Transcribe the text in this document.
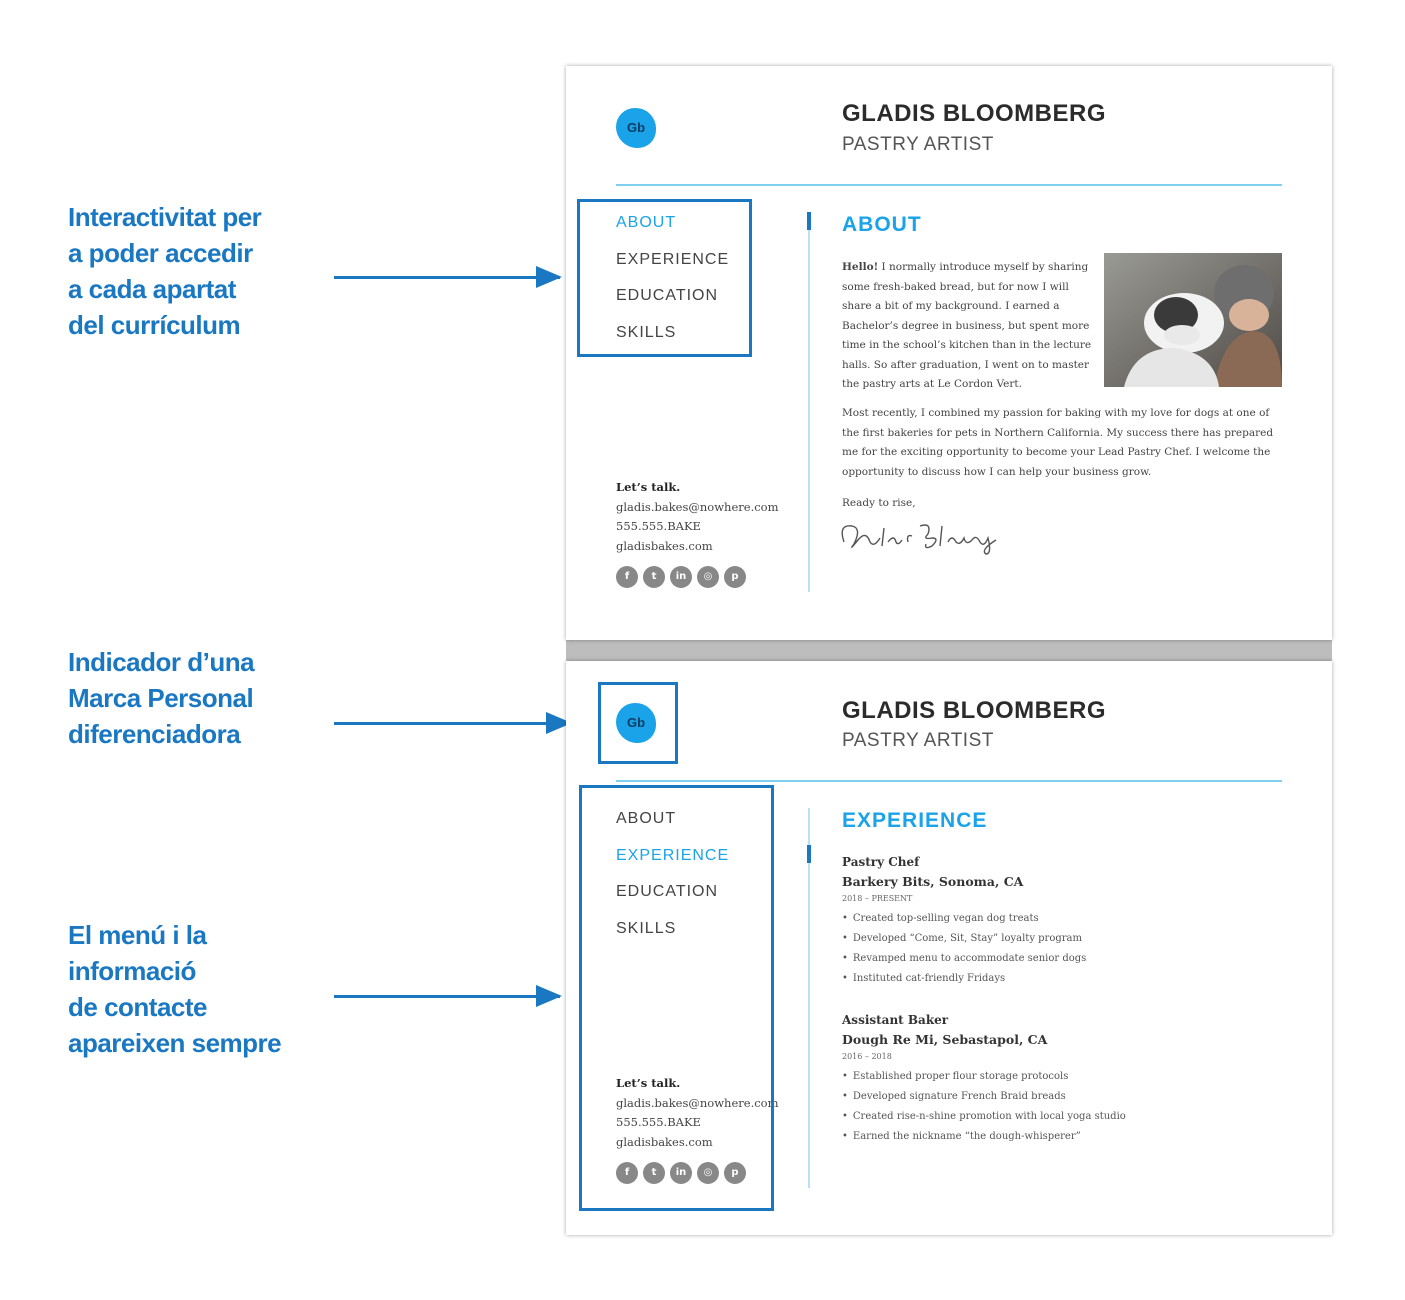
Interactivitat per
a poder accedir
a cada apartat
del currículum
Indicador d’una
Marca Personal
diferenciadora
El menú i la
informació
de contacte
apareixen sempre
Gb
GLADIS BLOOMBERG
PASTRY ARTIST
ABOUT
EXPERIENCE
EDUCATION
SKILLS
Let’s talk.
gladis.bakes@nowhere.com
555.555.BAKE
gladisbakes.com
f	t	in	◎	p
ABOUT
Hello! I normally introduce myself by sharing
some fresh-baked bread, but for now I will
share a bit of my background. I earned a
Bachelor’s degree in business, but spent more
time in the school’s kitchen than in the lecture
halls. So after graduation, I went on to master
the pastry arts at Le Cordon Vert.
Most recently, I combined my passion for baking with my love for dogs at one of
the first bakeries for pets in Northern California. My success there has prepared
me for the exciting opportunity to become your Lead Pastry Chef. I welcome the
opportunity to discuss how I can help your business grow.
Ready to rise,
Gb	GLADIS BLOOMBERG
PASTRY ARTIST
ABOUT
EXPERIENCE
EDUCATION
SKILLS
Let’s talk.
gladis.bakes@nowhere.com
555.555.BAKE
gladisbakes.com
f	t	in	◎	p
EXPERIENCE
Pastry Chef
Barkery Bits, Sonoma, CA
2018 – PRESENT
• Created top-selling vegan dog treats
• Developed “Come, Sit, Stay” loyalty program
• Revamped menu to accommodate senior dogs
• Instituted cat-friendly Fridays
Assistant Baker
Dough Re Mi, Sebastapol, CA
2016 – 2018
• Established proper flour storage protocols
• Developed signature French Braid breads
• Created rise-n-shine promotion with local yoga studio
• Earned the nickname “the dough-whisperer”
